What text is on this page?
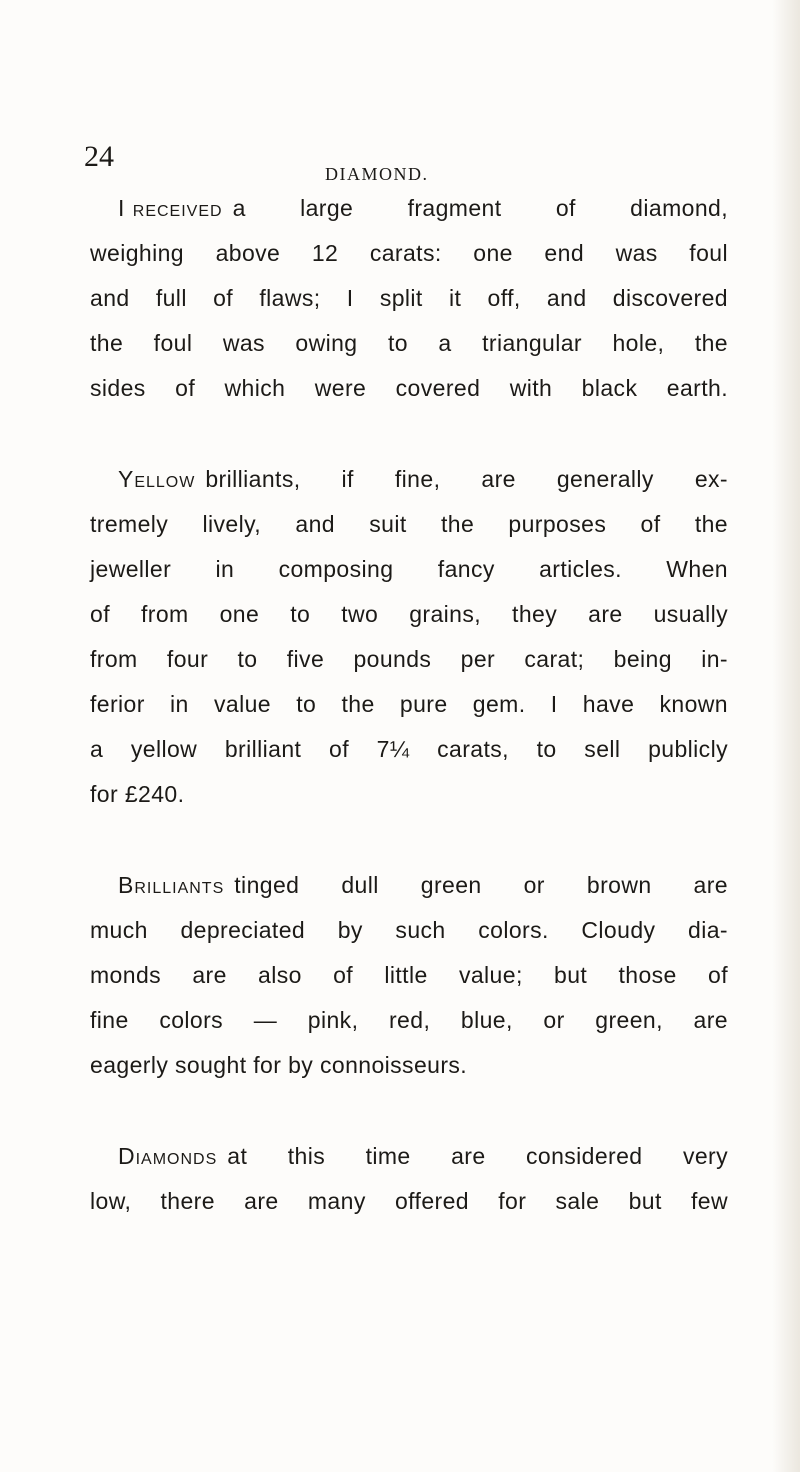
24
DIAMOND.
I received a large fragment of diamond,
weighing above 12 carats: one end was foul
and full of flaws; I split it off, and discovered
the foul was owing to a triangular hole, the
sides of which were covered with black earth.
Yellow brilliants, if fine, are generally ex-
tremely lively, and suit the purposes of the
jeweller in composing fancy articles. When
of from one to two grains, they are usually
from four to five pounds per carat; being in-
ferior in value to the pure gem. I have known
a yellow brilliant of 7¼ carats, to sell publicly
for £240.
Brilliants tinged dull green or brown are
much depreciated by such colors. Cloudy dia-
monds are also of little value; but those of
fine colors — pink, red, blue, or green, are
eagerly sought for by connoisseurs.
Diamonds at this time are considered very
low, there are many offered for sale but few
